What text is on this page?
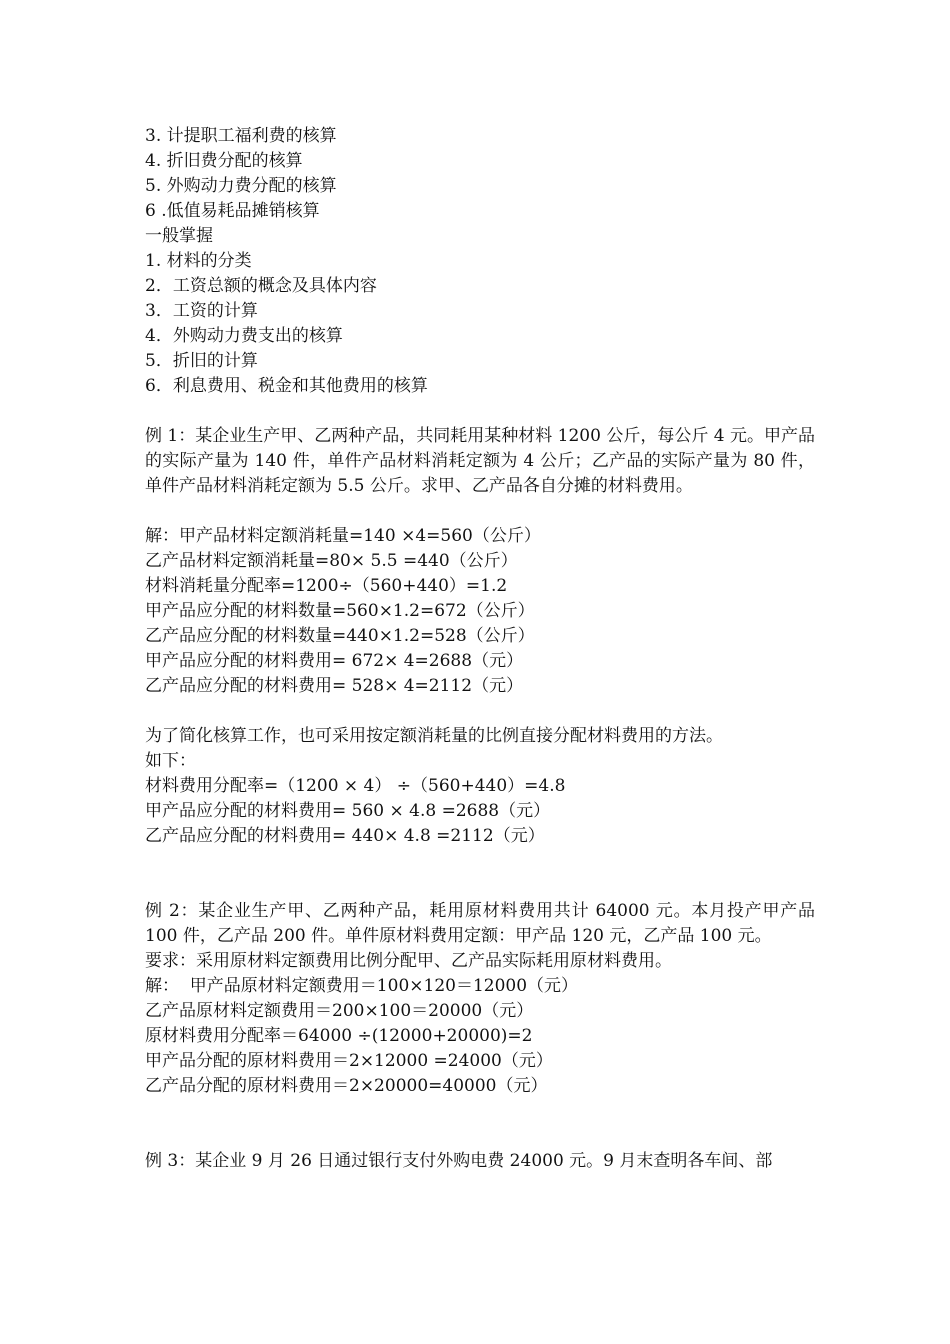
3. 计提职工福利费的核算
4. 折旧费分配的核算
5. 外购动力费分配的核算
6 .低值易耗品摊销核算
一般掌握
1. 材料的分类
2．工资总额的概念及具体内容
3．工资的计算
4．外购动力费支出的核算
5．折旧的计算
6．利息费用、税金和其他费用的核算
例 1：某企业生产甲、乙两种产品，共同耗用某种材料 1200 公斤，每公斤 4 元。甲产品的实际产量为 140 件，单件产品材料消耗定额为 4 公斤；乙产品的实际产量为 80 件，单件产品材料消耗定额为 5.5 公斤。求甲、乙产品各自分摊的材料费用。
解：甲产品材料定额消耗量=140 ×4=560（公斤）
乙产品材料定额消耗量=80× 5.5 =440（公斤）
材料消耗量分配率=1200÷（560+440）=1.2
甲产品应分配的材料数量=560×1.2=672（公斤）
乙产品应分配的材料数量=440×1.2=528（公斤）
甲产品应分配的材料费用= 672× 4=2688（元）
乙产品应分配的材料费用= 528× 4=2112（元）
为了简化核算工作，也可采用按定额消耗量的比例直接分配材料费用的方法。
如下：
材料费用分配率=（1200 × 4） ÷（560+440）=4.8
甲产品应分配的材料费用= 560 × 4.8 =2688（元）
乙产品应分配的材料费用= 440× 4.8 =2112（元）
例 2：某企业生产甲、乙两种产品，耗用原材料费用共计 64000 元。本月投产甲产品 100 件，乙产品 200 件。单件原材料费用定额：甲产品 120 元，乙产品 100 元。
要求：采用原材料定额费用比例分配甲、乙产品实际耗用原材料费用。
解：  甲产品原材料定额费用＝100×120＝12000（元）
乙产品原材料定额费用＝200×100＝20000（元）
原材料费用分配率＝64000 ÷(12000+20000)=2
甲产品分配的原材料费用＝2×12000 =24000（元）
乙产品分配的原材料费用＝2×20000=40000（元）
例 3：某企业 9 月 26 日通过银行支付外购电费 24000 元。9 月末查明各车间、部
